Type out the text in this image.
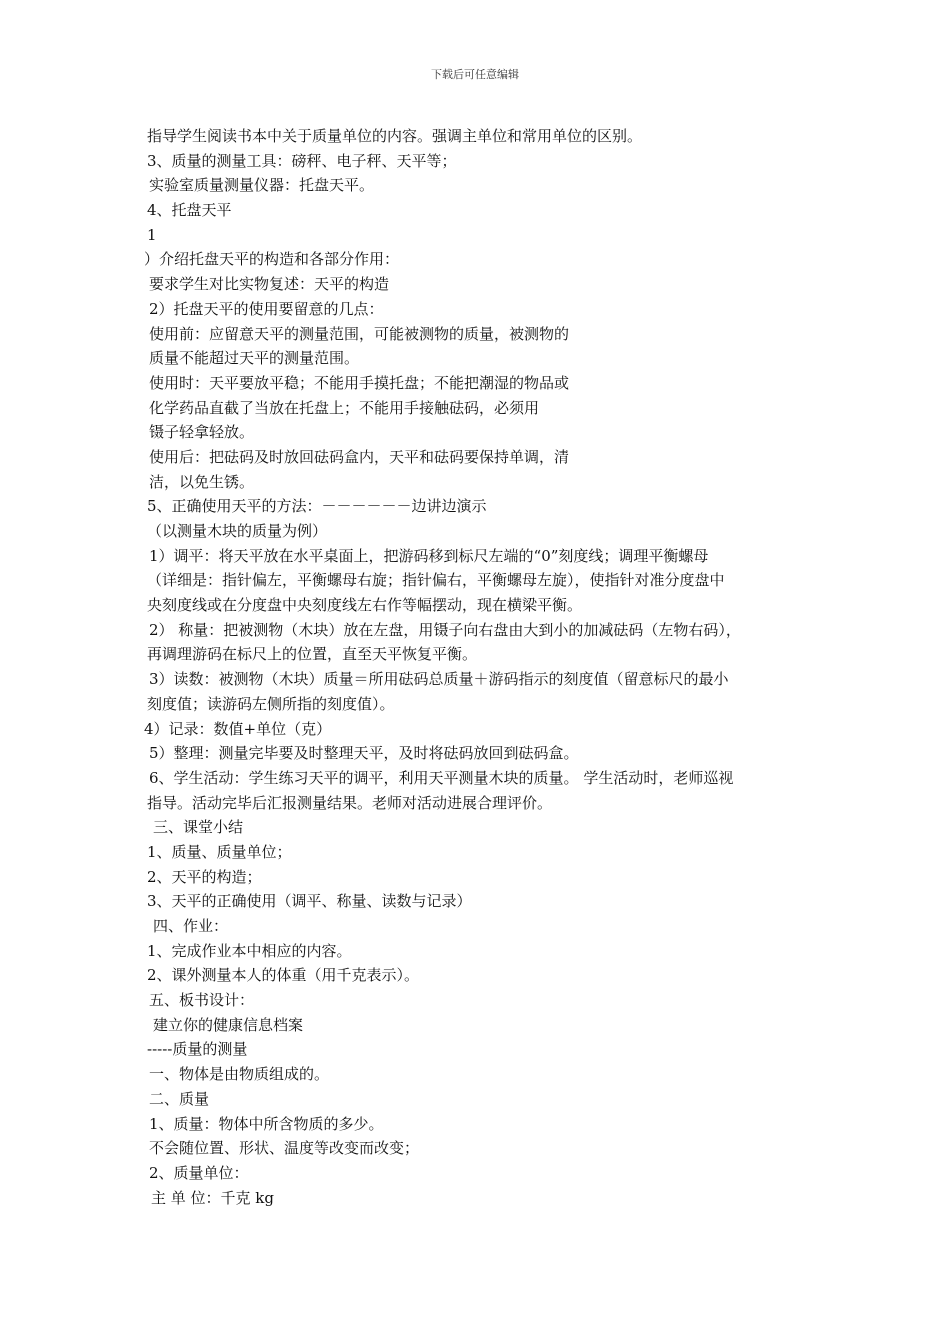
下载后可任意编辑
指导学生阅读书本中关于质量单位的内容。强调主单位和常用单位的区别。
3、质量的测量工具：磅秤、电子秤、天平等；
实验室质量测量仪器：托盘天平。
4、托盘天平
1
）介绍托盘天平的构造和各部分作用：
要求学生对比实物复述：天平的构造
2）托盘天平的使用要留意的几点：
使用前：应留意天平的测量范围，可能被测物的质量，被测物的
质量不能超过天平的测量范围。
使用时：天平要放平稳；不能用手摸托盘；不能把潮湿的物品或
化学药品直截了当放在托盘上；不能用手接触砝码，必须用
镊子轻拿轻放。
使用后：把砝码及时放回砝码盒内，天平和砝码要保持单调，清
洁，以免生锈。
5、正确使用天平的方法：－－－－－－边讲边演示
（以测量木块的质量为例）
1）调平：将天平放在水平桌面上，把游码移到标尺左端的“0”刻度线；调理平衡螺母
（详细是：指针偏左，平衡螺母右旋；指针偏右，平衡螺母左旋），使指针对准分度盘中
央刻度线或在分度盘中央刻度线左右作等幅摆动，现在横梁平衡。
2） 称量：把被测物（木块）放在左盘，用镊子向右盘由大到小的加减砝码（左物右码），
再调理游码在标尺上的位置，直至天平恢复平衡。
3）读数：被测物（木块）质量＝所用砝码总质量＋游码指示的刻度值（留意标尺的最小
刻度值；读游码左侧所指的刻度值）。
4）记录：数值+单位（克）
5）整理：测量完毕要及时整理天平，及时将砝码放回到砝码盒。
6、学生活动：学生练习天平的调平，利用天平测量木块的质量。 学生活动时，老师巡视
指导。活动完毕后汇报测量结果。老师对活动进展合理评价。
三、课堂小结
1、质量、质量单位；
2、天平的构造；
3、天平的正确使用（调平、称量、读数与记录）
四、作业：
1、完成作业本中相应的内容。
2、课外测量本人的体重（用千克表示）。
五、板书设计：
建立你的健康信息档案
-----质量的测量
一、物体是由物质组成的。
二、质量
1、质量：物体中所含物质的多少。
不会随位置、形状、温度等改变而改变；
2、质量单位：
主 单 位：千克 kg
